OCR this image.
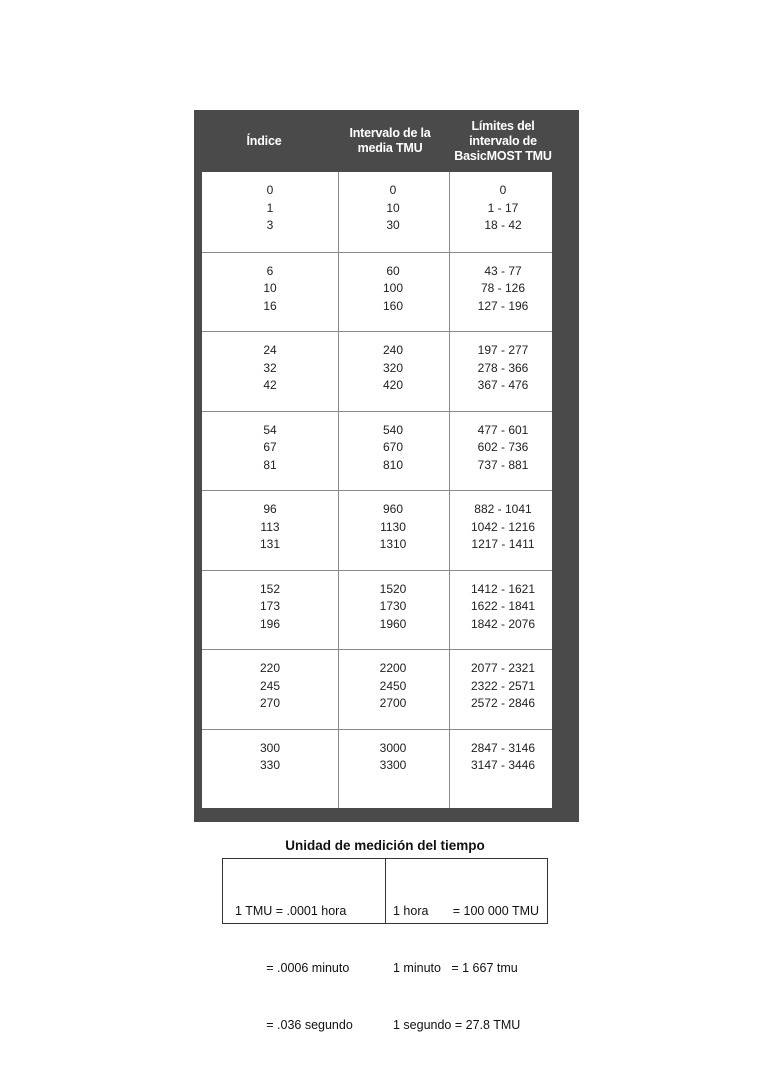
Índice
Intervalo de la
media TMU
Límites del
intervalo de
BasicMOST TMU
0
1
3
0
10
30
0
1 - 17
18 - 42
6
10
16
60
100
160
43 - 77
78 - 126
127 - 196
24
32
42
240
320
420
197 - 277
278 - 366
367 - 476
54
67
81
540
670
810
477 - 601
602 - 736
737 - 881
96
113
131
960
1130
1310
882 - 1041
1042 - 1216
1217 - 1411
152
173
196
1520
1730
1960
1412 - 1621
1622 - 1841
1842 - 2076
220
245
270
2200
2450
2700
2077 - 2321
2322 - 2571
2572 - 2846
300
330
3000
3300
2847 - 3146
3147 - 3446
Unidad de medición del tiempo

1 TMU = .0001 hora

= .0006 minuto

= .036 segundo

1 hora       = 100 000 TMU

1 minuto   = 1 667 tmu

1 segundo = 27.8 TMU
